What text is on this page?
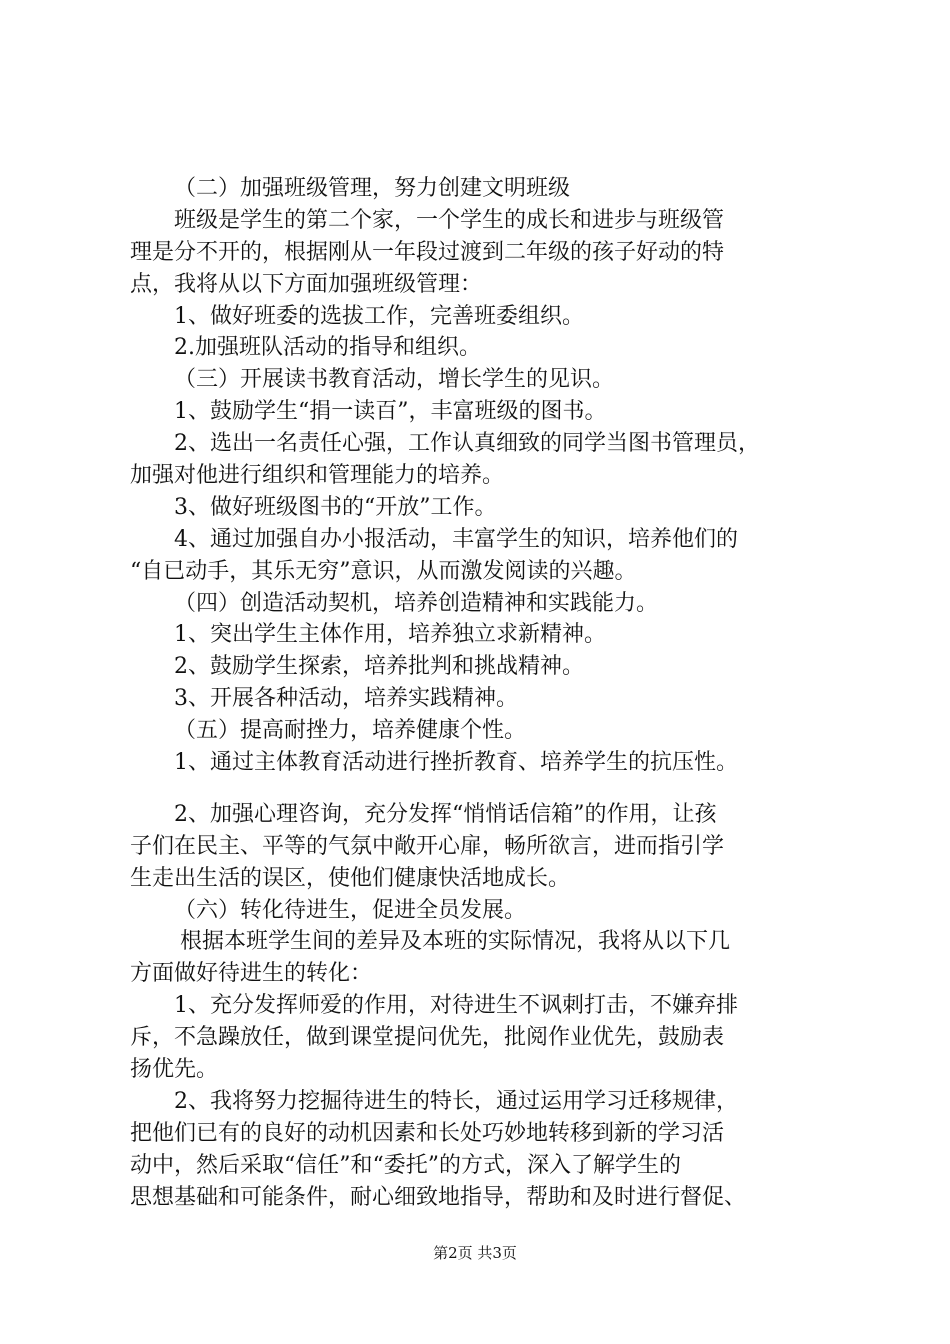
（二）加强班级管理，努力创建文明班级
班级是学生的第二个家，一个学生的成长和进步与班级管
理是分不开的，根据刚从一年段过渡到二年级的孩子好动的特
点，我将从以下方面加强班级管理：
1、做好班委的选拔工作，完善班委组织。
2.加强班队活动的指导和组织。
（三）开展读书教育活动，增长学生的见识。
1、鼓励学生“捐一读百”，丰富班级的图书。
2、选出一名责任心强，工作认真细致的同学当图书管理员，
加强对他进行组织和管理能力的培养。
3、做好班级图书的“开放”工作。
4、通过加强自办小报活动，丰富学生的知识，培养他们的
“自已动手，其乐无穷”意识，从而激发阅读的兴趣。
（四）创造活动契机，培养创造精神和实践能力。
1、突出学生主体作用，培养独立求新精神。
2、鼓励学生探索，培养批判和挑战精神。
3、开展各种活动，培养实践精神。
（五）提高耐挫力，培养健康个性。
1、通过主体教育活动进行挫折教育、培养学生的抗压性。
2、加强心理咨询，充分发挥“悄悄话信箱”的作用，让孩
子们在民主、平等的气氛中敞开心扉，畅所欲言，进而指引学
生走出生活的误区，使他们健康快活地成长。
（六）转化待进生，促进全员发展。
根据本班学生间的差异及本班的实际情况，我将从以下几
方面做好待进生的转化：
1、充分发挥师爱的作用，对待进生不讽刺打击，不嫌弃排
斥，不急躁放任，做到课堂提问优先，批阅作业优先，鼓励表
扬优先。
2、我将努力挖掘待进生的特长，通过运用学习迁移规律，
把他们已有的良好的动机因素和长处巧妙地转移到新的学习活
动中，然后采取“信任”和“委托”的方式，深入了解学生的
思想基础和可能条件，耐心细致地指导，帮助和及时进行督促、
第2页 共3页
